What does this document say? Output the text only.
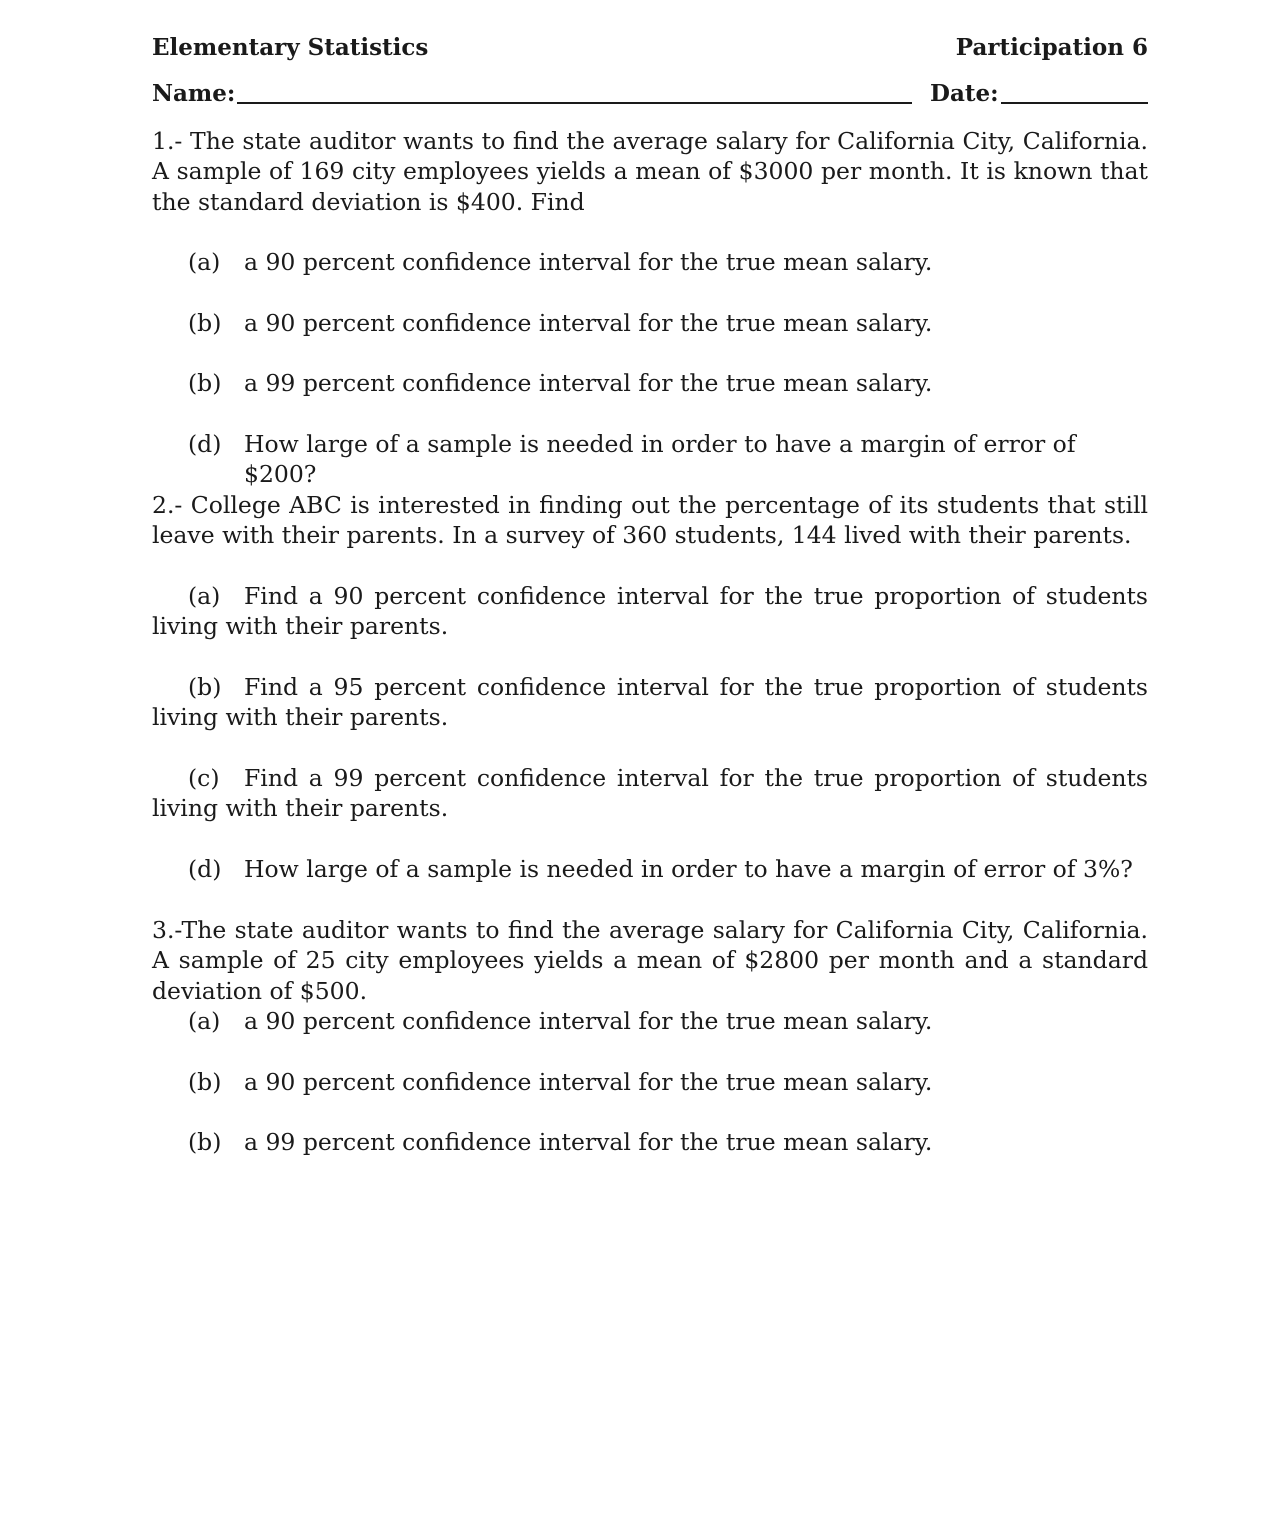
Elementary Statistics	Participation 6
Name:	Date:
1.- The state auditor wants to find the average salary for California City, California. A sample of 169 city employees yields a mean of $3000 per month. It is known that the standard deviation is $400. Find
(a)	a 90 percent confidence interval for the true mean salary.
(b) a 90 percent confidence interval for the true mean salary.
(b) a 99 percent confidence interval for the true mean salary.
(d) How large of a sample is needed in order to have a margin of error of $200?
2.- College ABC is interested in finding out the percentage of its students that still leave with their parents. In a survey of 360 students, 144 lived with their parents.
(a) Find a 90 percent confidence interval for the true proportion of students living with their parents.
(b) Find a 95 percent confidence interval for the true proportion of students living with their parents.
(c) Find a 99 percent confidence interval for the true proportion of students living with their parents.
(d) How large of a sample is needed in order to have a margin of error of 3%?
3.-The state auditor wants to find the average salary for California City, California. A sample of 25 city employees yields a mean of $2800 per month and a standard deviation of $500.
(a)	a 90 percent confidence interval for the true mean salary.
(b) a 90 percent confidence interval for the true mean salary.
(b) a 99 percent confidence interval for the true mean salary.
